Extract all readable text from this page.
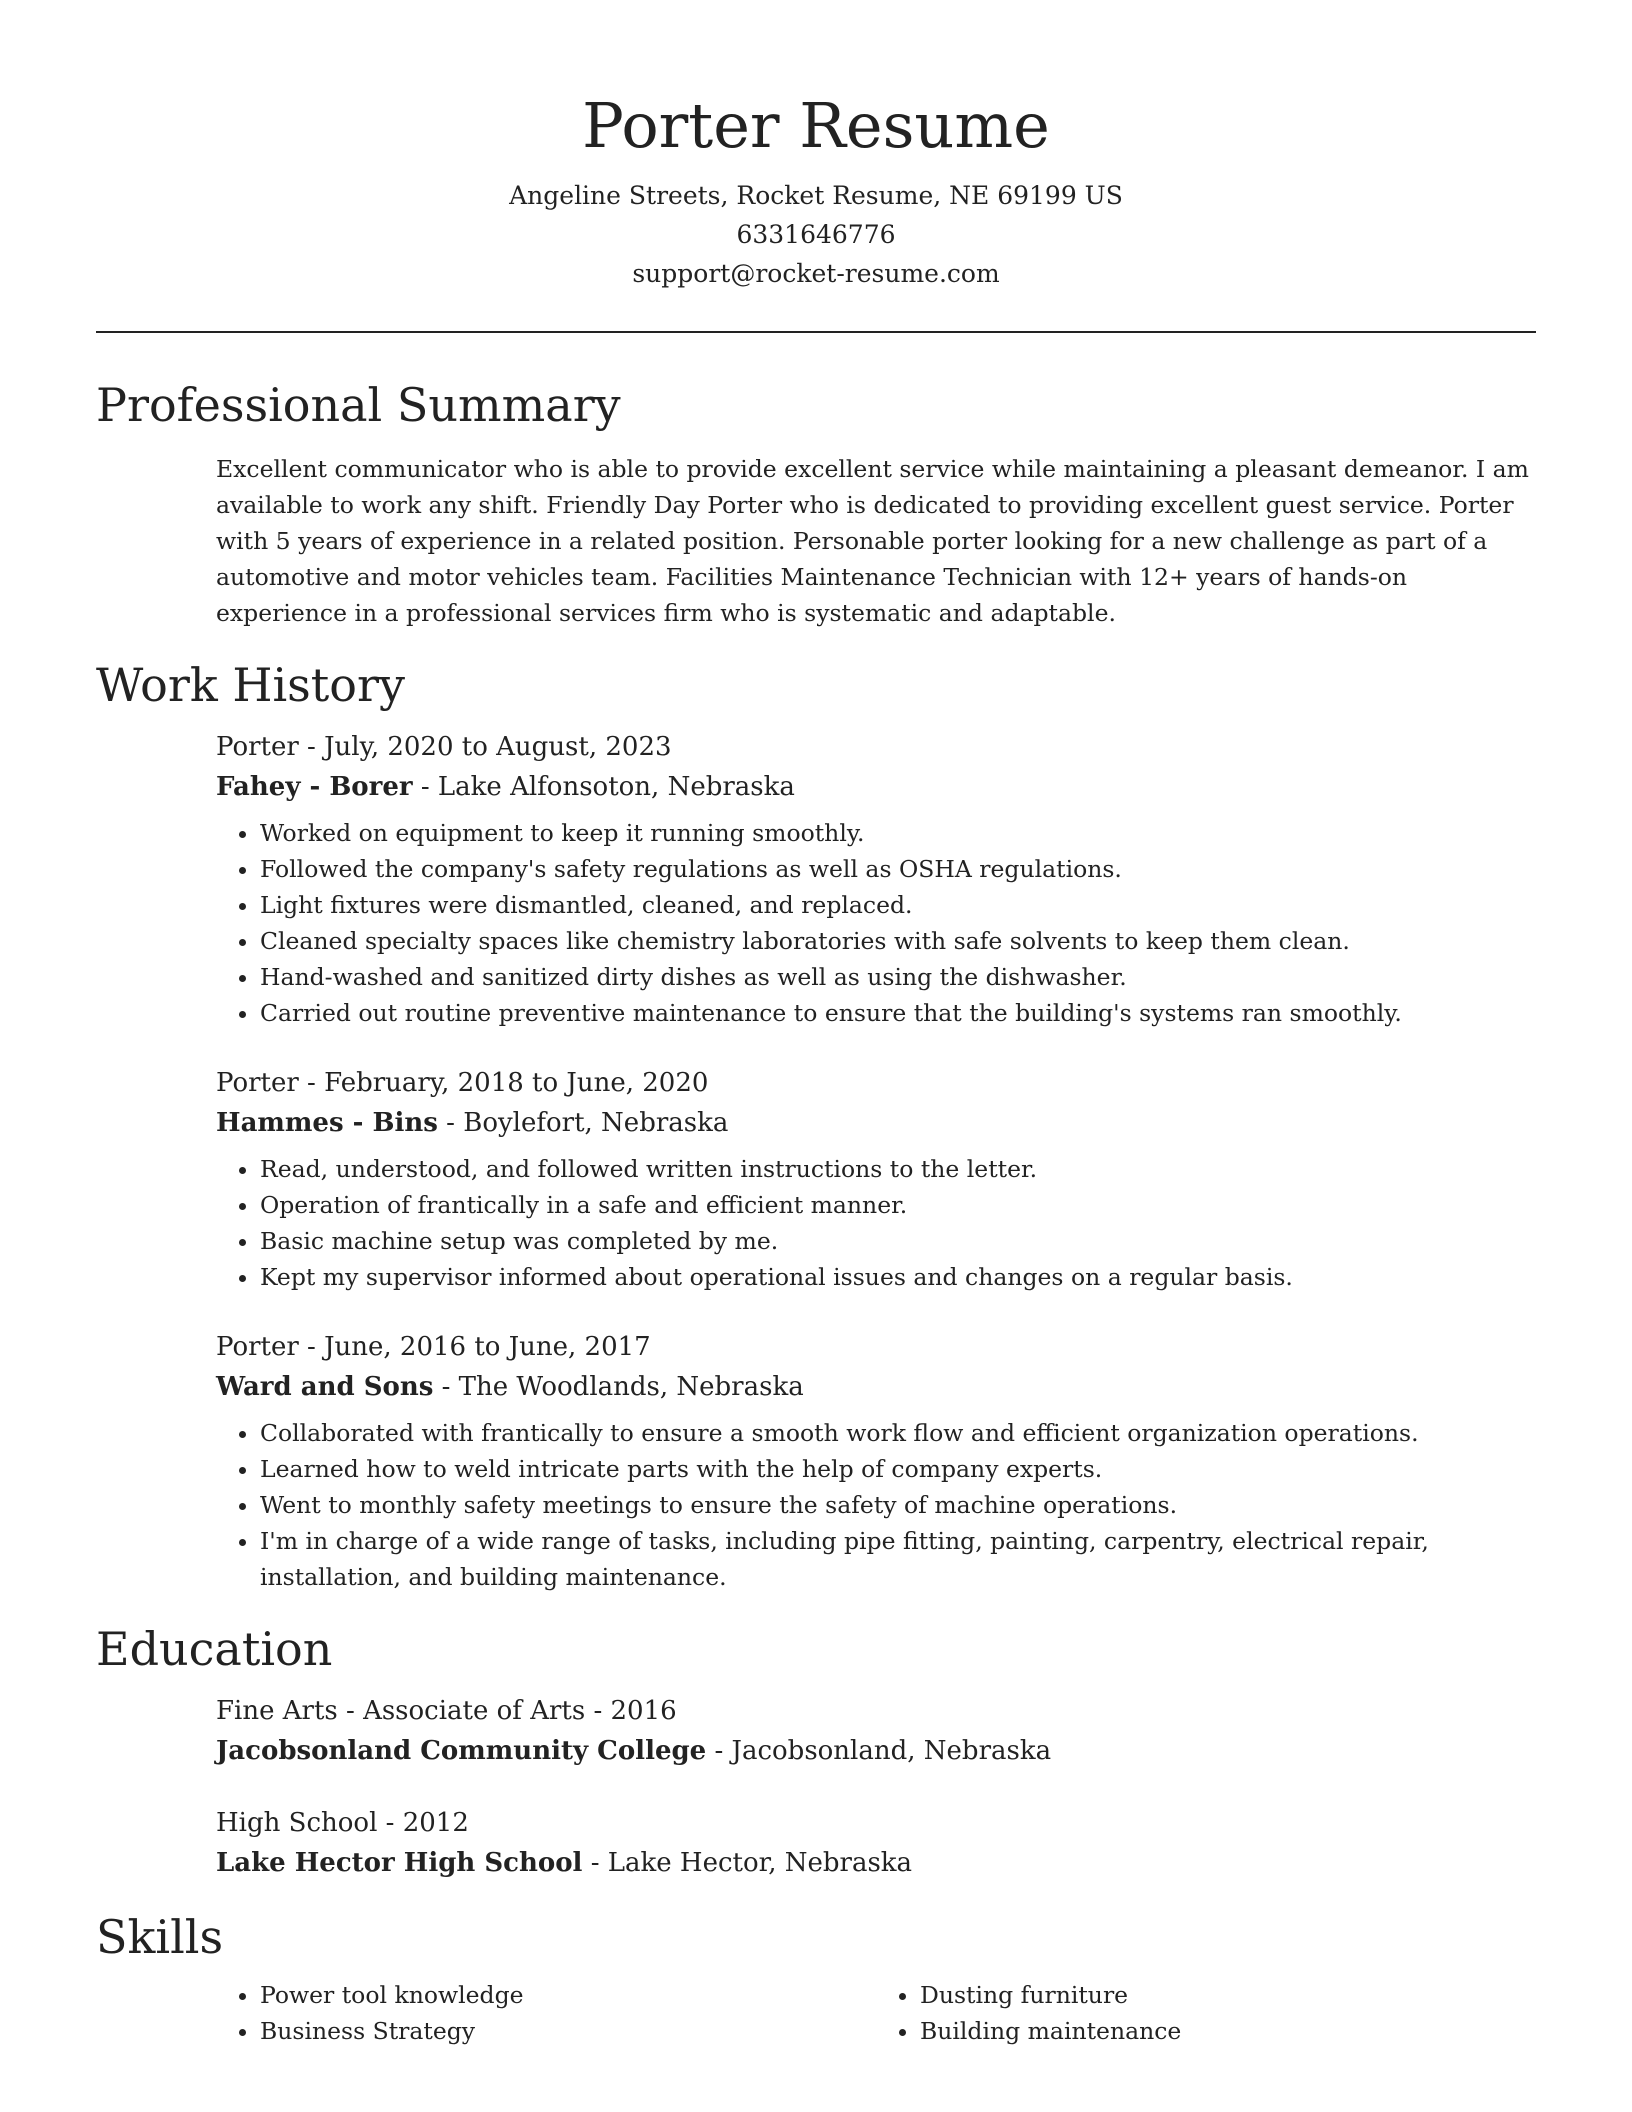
Porter Resume
Angeline Streets, Rocket Resume, NE 69199 US
6331646776
support@rocket-resume.com
Professional Summary

Excellent communicator who is able to provide excellent service while maintaining a pleasant demeanor. I am available to work any shift. Friendly Day Porter who is dedicated to providing excellent guest service. Porter with 5 years of experience in a related position. Personable porter looking for a new challenge as part of a automotive and motor vehicles team. Facilities Maintenance Technician with 12+ years of hands-on experience in a professional services firm who is systematic and adaptable.

Work History
Porter - July, 2020 to August, 2023
Fahey - Borer - Lake Alfonsoton, Nebraska
• Worked on equipment to keep it running smoothly.
• Followed the company's safety regulations as well as OSHA regulations.
• Light fixtures were dismantled, cleaned, and replaced.
• Cleaned specialty spaces like chemistry laboratories with safe solvents to keep them clean.
• Hand-washed and sanitized dirty dishes as well as using the dishwasher.
• Carried out routine preventive maintenance to ensure that the building's systems ran smoothly.
Porter - February, 2018 to June, 2020
Hammes - Bins - Boylefort, Nebraska
• Read, understood, and followed written instructions to the letter.
• Operation of frantically in a safe and efficient manner.
• Basic machine setup was completed by me.
• Kept my supervisor informed about operational issues and changes on a regular basis.
Porter - June, 2016 to June, 2017
Ward and Sons - The Woodlands, Nebraska
• Collaborated with frantically to ensure a smooth work flow and efficient organization operations.
• Learned how to weld intricate parts with the help of company experts.
• Went to monthly safety meetings to ensure the safety of machine operations.
• I'm in charge of a wide range of tasks, including pipe fitting, painting, carpentry, electrical repair, installation, and building maintenance.
Education
Fine Arts - Associate of Arts - 2016
Jacobsonland Community College - Jacobsonland, Nebraska
High School - 2012
Lake Hector High School - Lake Hector, Nebraska
Skills
• Power tool knowledge
• Business Strategy
• Dusting furniture
• Building maintenance
